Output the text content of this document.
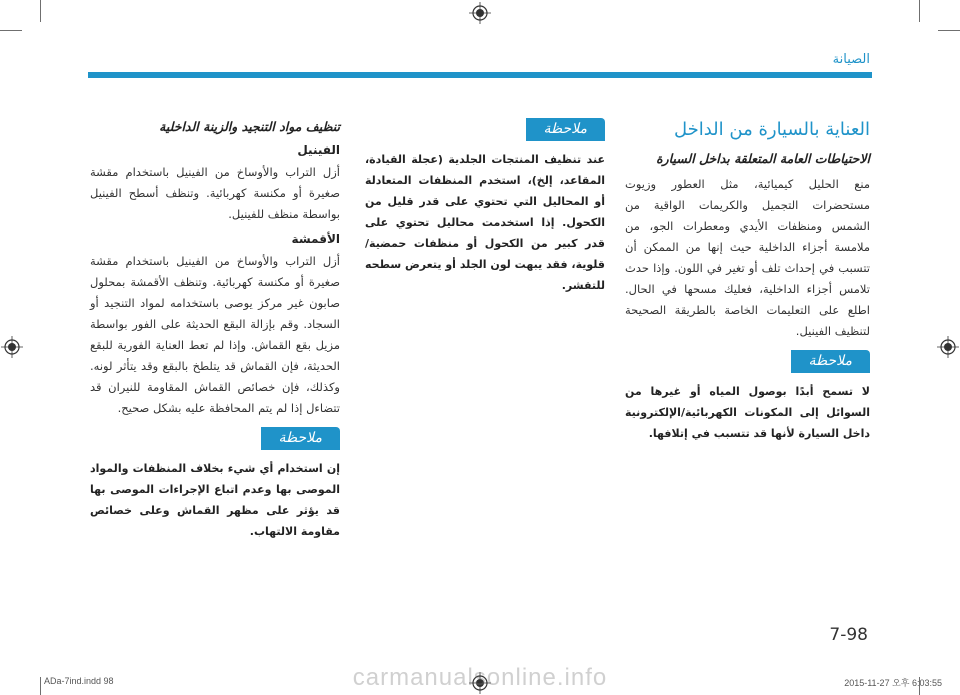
الصيانة
العناية بالسيارة من الداخل
الاحتياطات العامة المتعلقة بداخل السيارة
منع الحليل كيميائية، مثل العطور وزيوت مستحضرات التجميل والكريمات الواقية من الشمس ومنظفات الأيدي ومعطرات الجو، من ملامسة أجزاء الداخلية حيث إنها من الممكن أن تتسبب في إحداث تلف أو تغير في اللون. وإذا حدث تلامس أجزاء الداخلية، فعليك مسحها في الحال. اطلع على التعليمات الخاصة بالطريقة الصحيحة لتنظيف الفينيل.
ملاحظة
لا تسمح أبدًا بوصول المياه أو غيرها من السوائل إلى المكونات الكهربائية/الإلكترونية داخل السيارة لأنها قد تتسبب في إتلافها.
ملاحظة
عند تنظيف المنتجات الجلدية (عجلة القيادة، المقاعد، إلخ)، استخدم المنظفات المتعادلة أو المحاليل التي تحتوي على قدر قليل من الكحول. إذا استخدمت محاليل تحتوي على قدر كبير من الكحول أو منظفات حمضية/قلوية، فقد يبهت لون الجلد أو يتعرض سطحه للتقشر.
تنظيف مواد التنجيد والزينة الداخلية
الفينيل
أزل التراب والأوساخ من الفينيل باستخدام مقشة صغيرة أو مكنسة كهربائية. وتنظف أسطح الفينيل بواسطة منظف للفينيل.
الأقمشة
أزل التراب والأوساخ من الفينيل باستخدام مقشة صغيرة أو مكنسة كهربائية. وتنظف الأقمشة بمحلول صابون غير مركز يوصى باستخدامه لمواد التنجيد أو السجاد. وقم بإزالة البقع الحديثة على الفور بواسطة مزيل بقع القماش. وإذا لم تعط العناية الفورية للبقع الحديثة، فإن القماش قد يتلطخ بالبقع وقد يتأثر لونه. وكذلك، فإن خصائص القماش المقاومة للنيران قد تتضاءل إذا لم يتم المحافظة عليه بشكل صحيح.
ملاحظة
إن استخدام أي شيء بخلاف المنظفات والمواد الموصى بها وعدم اتباع الإجراءات الموصى بها قد يؤثر على مظهر القماش وعلى خصائص مقاومة الالتهاب.
7-98
carmanualsonline.info
ADa-7ind.indd 98	2015-11-27 오후 6:03:55
